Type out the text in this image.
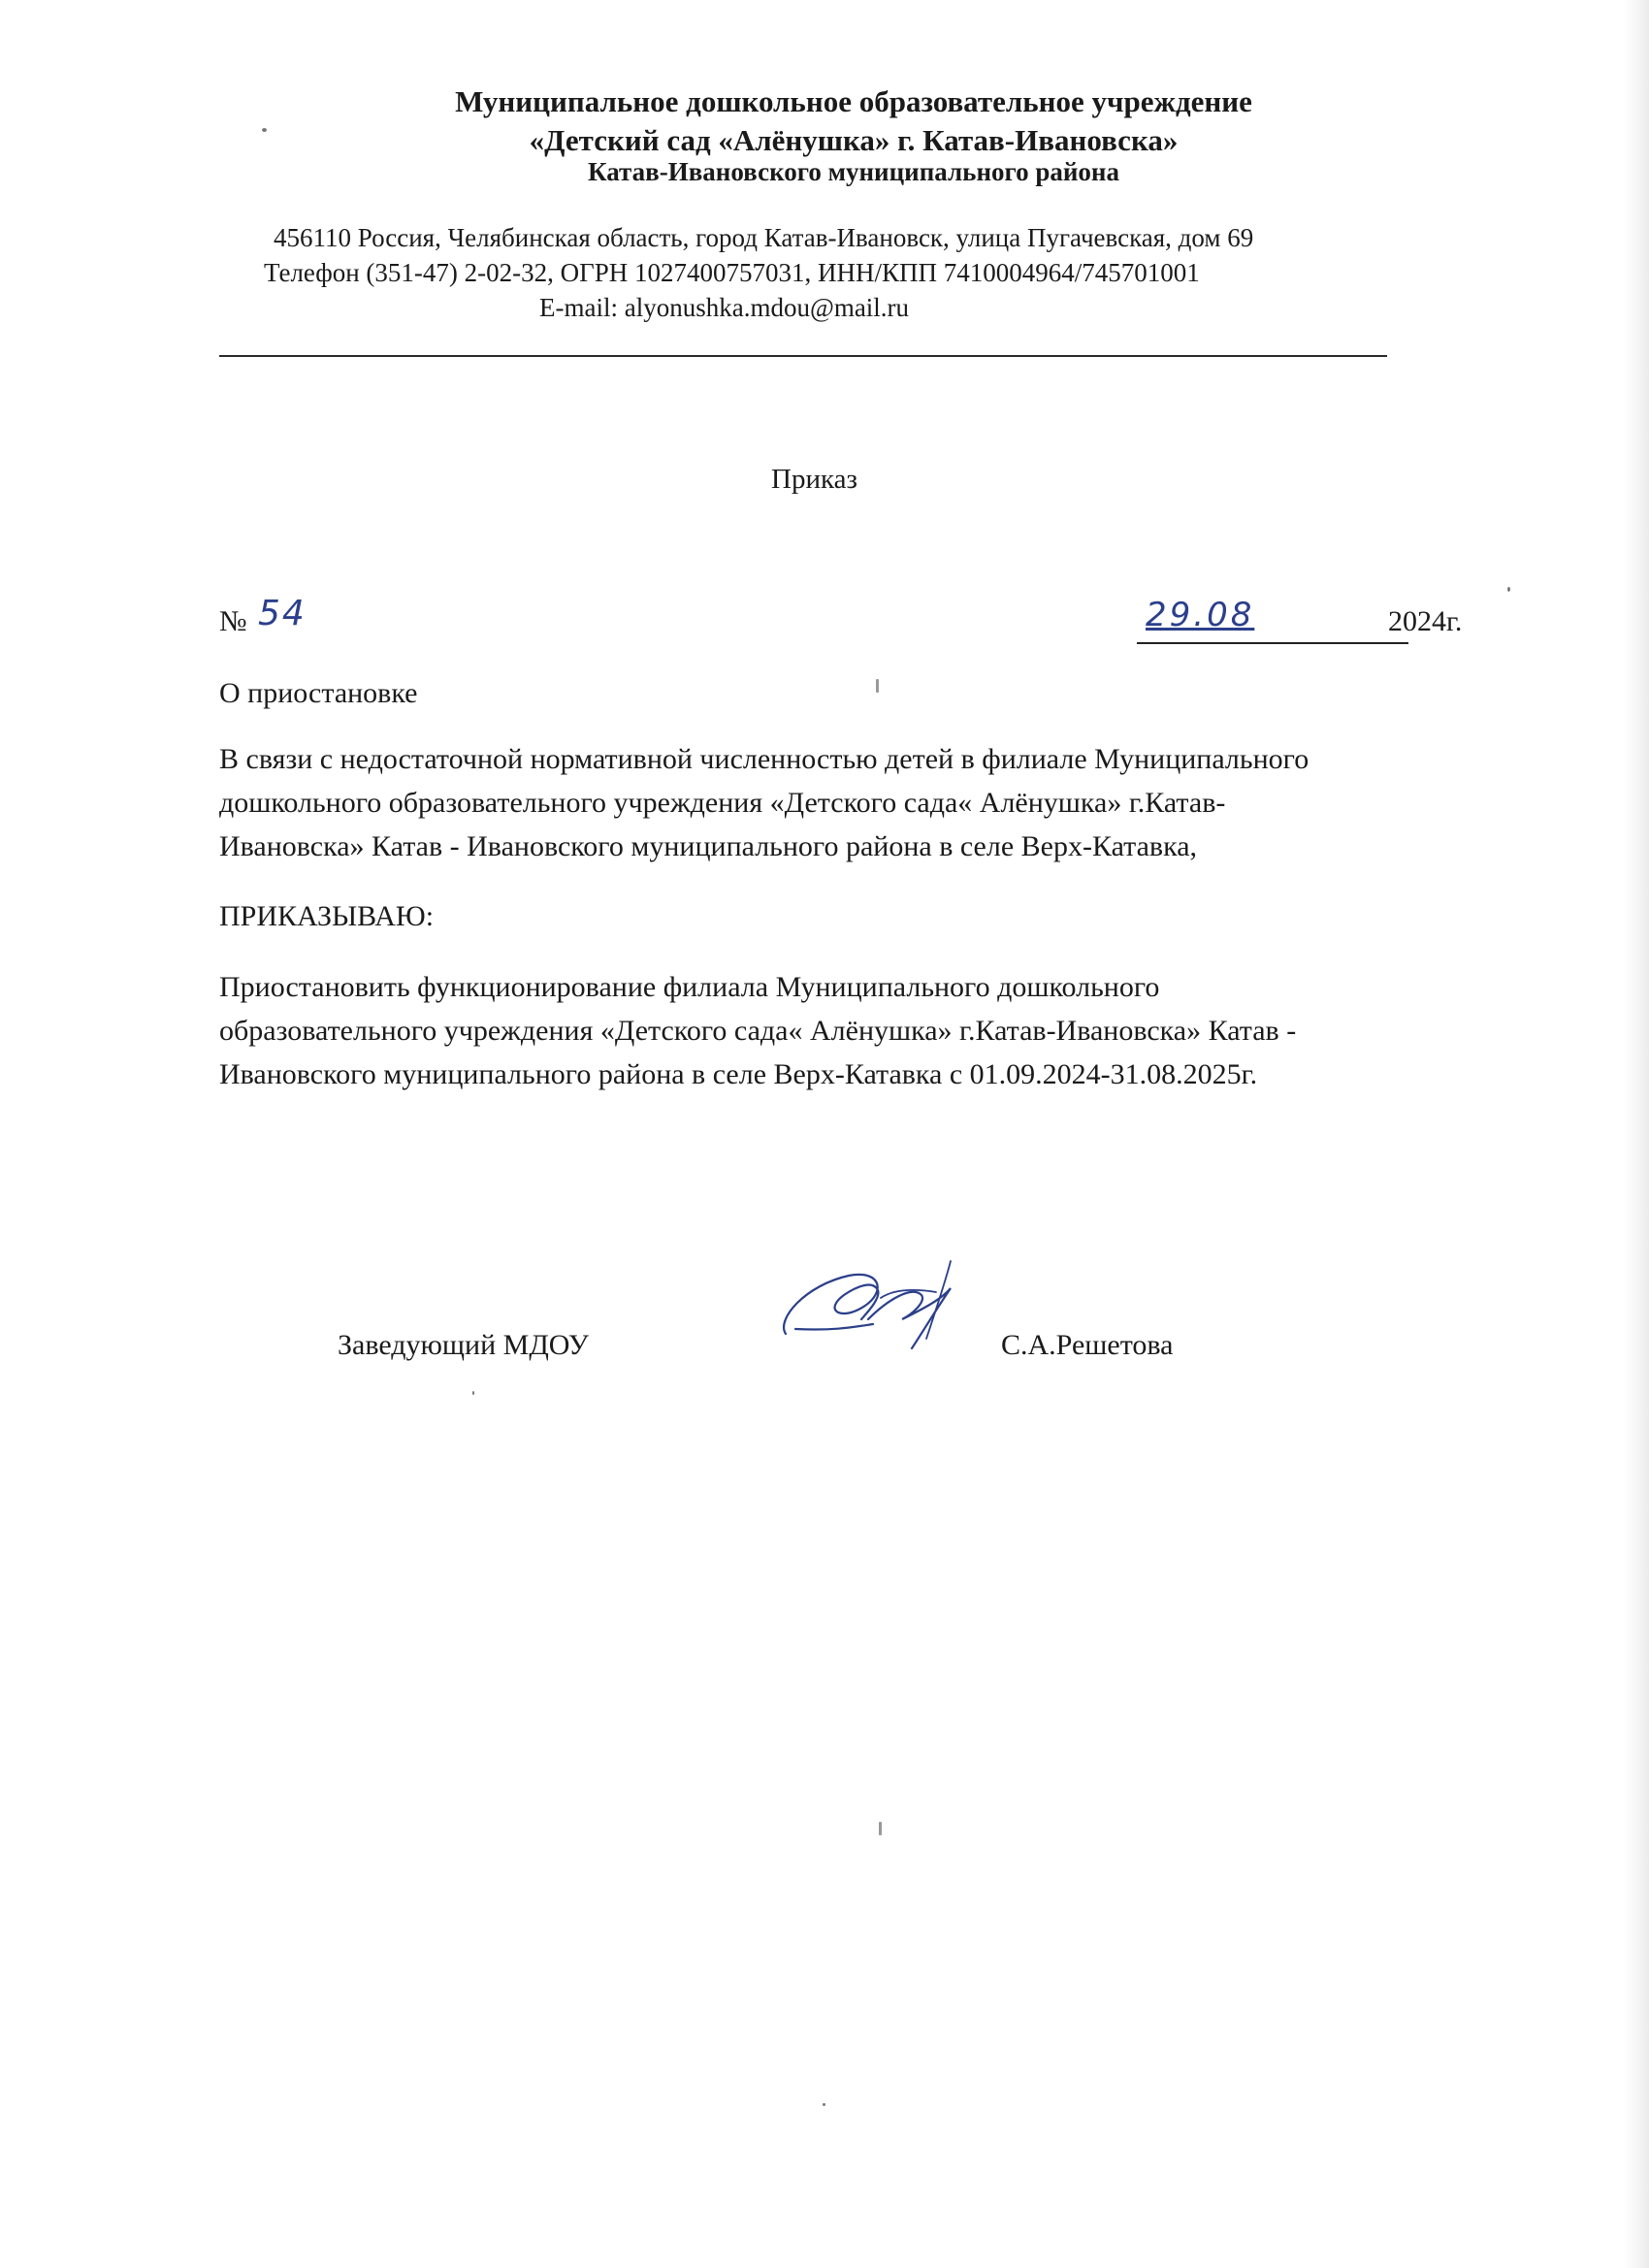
Муниципальное дошкольное образовательное учреждение
«Детский сад «Алёнушка» г. Катав-Ивановска»
Катав-Ивановского муниципального района
456110 Россия, Челябинская область, город Катав-Ивановск, улица Пугачевская, дом 69
Телефон (351-47) 2-02-32, ОГРН 1027400757031, ИНН/КПП 7410004964/745701001
E-mail: alyonushka.mdou@mail.ru
Приказ
№ 54	29.08	2024г.
О приостановке
В связи с недостаточной нормативной численностью детей в филиале Муниципального
дошкольного образовательного учреждения «Детского сада« Алёнушка» г.Катав-
Ивановска» Катав - Ивановского муниципального района в селе Верх-Катавка,
ПРИКАЗЫВАЮ:
Приостановить функционирование филиала Муниципального дошкольного
образовательного учреждения «Детского сада« Алёнушка» г.Катав-Ивановска» Катав -
Ивановского муниципального района в селе Верх-Катавка с 01.09.2024-31.08.2025г.
Заведующий МДОУ	С.А.Решетова
